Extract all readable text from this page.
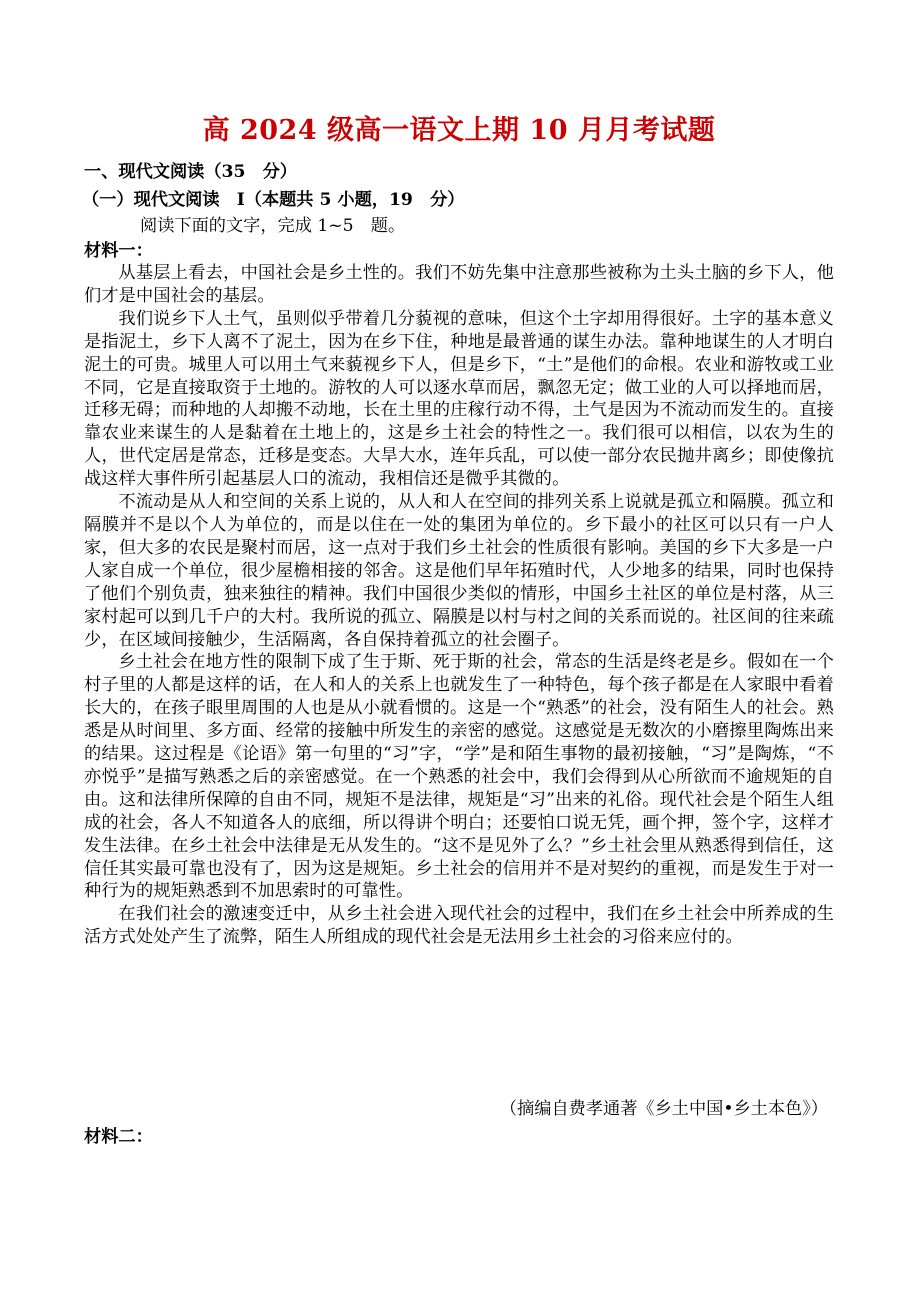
高 2024 级高一语文上期 10 月月考试题
一、现代文阅读（35　分）
（一）现代文阅读　Ⅰ（本题共 5 小题，19　分）
阅读下面的文字，完成 1~5　题。
材料一：

从基层上看去，中国社会是乡土性的。我们不妨先集中注意那些被称为土头土脑的乡下人，他们才是中国社会的基层。

我们说乡下人土气，虽则似乎带着几分藐视的意味，但这个土字却用得很好。土字的基本意义是指泥土，乡下人离不了泥土，因为在乡下住，种地是最普通的谋生办法。靠种地谋生的人才明白泥土的可贵。城里人可以用土气来藐视乡下人，但是乡下，“土”是他们的命根。农业和游牧或工业不同，它是直接取资于土地的。游牧的人可以逐水草而居，飘忽无定；做工业的人可以择地而居，迁移无碍；而种地的人却搬不动地，长在土里的庄稼行动不得，土气是因为不流动而发生的。直接靠农业来谋生的人是黏着在土地上的，这是乡土社会的特性之一。我们很可以相信，以农为生的人，世代定居是常态，迁移是变态。大旱大水，连年兵乱，可以使一部分农民抛井离乡；即使像抗战这样大事件所引起基层人口的流动，我相信还是微乎其微的。

不流动是从人和空间的关系上说的，从人和人在空间的排列关系上说就是孤立和隔膜。孤立和隔膜并不是以个人为单位的，而是以住在一处的集团为单位的。乡下最小的社区可以只有一户人家，但大多的农民是聚村而居，这一点对于我们乡土社会的性质很有影响。美国的乡下大多是一户人家自成一个单位，很少屋檐相接的邻舍。这是他们早年拓殖时代，人少地多的结果，同时也保持了他们个别负责，独来独往的精神。我们中国很少类似的情形，中国乡土社区的单位是村落，从三家村起可以到几千户的大村。我所说的孤立、隔膜是以村与村之间的关系而说的。社区间的往来疏少，在区域间接触少，生活隔离，各自保持着孤立的社会圈子。

乡土社会在地方性的限制下成了生于斯、死于斯的社会，常态的生活是终老是乡。假如在一个村子里的人都是这样的话，在人和人的关系上也就发生了一种特色，每个孩子都是在人家眼中看着长大的，在孩子眼里周围的人也是从小就看惯的。这是一个“熟悉”的社会，没有陌生人的社会。熟悉是从时间里、多方面、经常的接触中所发生的亲密的感觉。这感觉是无数次的小磨擦里陶炼出来的结果。这过程是《论语》第一句里的“习”字，“学”是和陌生事物的最初接触，“习”是陶炼，“不亦悦乎”是描写熟悉之后的亲密感觉。在一个熟悉的社会中，我们会得到从心所欲而不逾规矩的自由。这和法律所保障的自由不同，规矩不是法律，规矩是“习”出来的礼俗。现代社会是个陌生人组成的社会，各人不知道各人的底细，所以得讲个明白；还要怕口说无凭，画个押，签个字，这样才发生法律。在乡土社会中法律是无从发生的。“这不是见外了么？”乡土社会里从熟悉得到信任，这信任其实最可靠也没有了，因为这是规矩。乡土社会的信用并不是对契约的重视，而是发生于对一种行为的规矩熟悉到不加思索时的可靠性。

在我们社会的激速变迁中，从乡土社会进入现代社会的过程中，我们在乡土社会中所养成的生活方式处处产生了流弊，陌生人所组成的现代社会是无法用乡土社会的习俗来应付的。

（摘编自费孝通著《乡土中国•乡土本色》）
材料二：
